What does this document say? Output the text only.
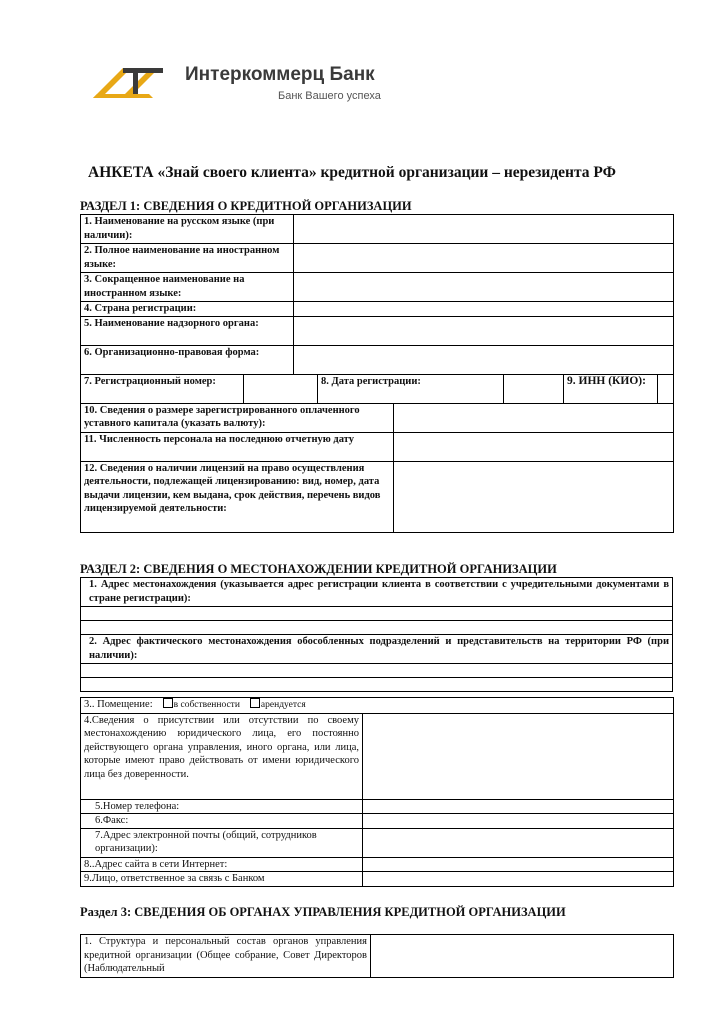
Интеркоммерц Банк
Банк Вашего успеха
АНКЕТА «Знай своего клиента» кредитной организации – нерезидента РФ
РАЗДЕЛ 1: СВЕДЕНИЯ О КРЕДИТНОЙ ОРГАНИЗАЦИИ
1. Наименование на русском языке (при наличии):							
2. Полное наименование на иностранном языке:							
3. Сокращенное наименование на иностранном языке:							
4. Страна регистрации:							
5. Наименование надзорного органа:							
6. Организационно-правовая форма:							
7. Регистрационный номер:			8. Дата регистрации:			9. ИНН (КИО):	
10. Сведения о размере зарегистрированного оплаченного уставного капитала (указать валюту):							
11. Численность персонала на последнюю отчетную дату							
12. Сведения о наличии лицензий на право осуществления деятельности, подлежащей лицензированию: вид, номер, дата выдачи лицензии, кем выдана, срок действия, перечень видов лицензируемой деятельности:							
РАЗДЕЛ 2: СВЕДЕНИЯ О МЕСТОНАХОЖДЕНИИ КРЕДИТНОЙ ОРГАНИЗАЦИИ
1. Адрес местонахождения (указывается адрес регистрации клиента в соответствии с учредительными документами в стране регистрации):

2. Адрес фактического местонахождения обособленных подразделений и представительств на территории РФ (при наличии):

3.. Помещение: в собственности арендуется	
4.Сведения о присутствии или отсутствии по своему местонахождению юридического лица, его постоянно действующего органа управления, иного органа, или лица, которые имеют право действовать от имени юридического лица без доверенности.	
5.Номер телефона:	
6.Факс:	
7.Адрес электронной почты (общий, сотрудников организации):	
8..Адрес сайта в сети Интернет:	
9.Лицо, ответственное за связь с Банком	
Раздел 3: СВЕДЕНИЯ ОБ ОРГАНАХ УПРАВЛЕНИЯ КРЕДИТНОЙ ОРГАНИЗАЦИИ
1. Структура и персональный состав органов управления кредитной организации (Общее собрание, Совет Директоров (Наблюдательный	
